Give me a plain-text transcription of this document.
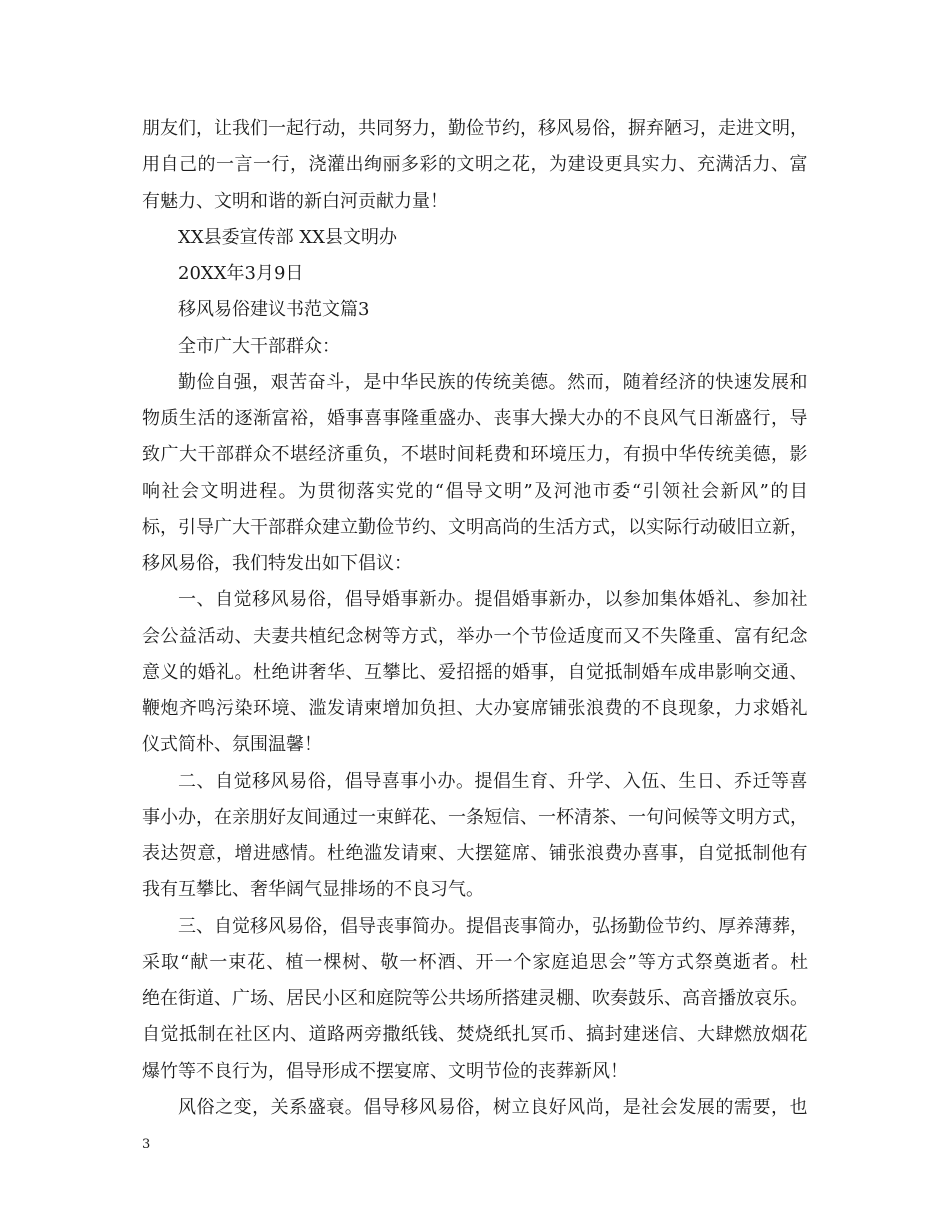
朋 友 们 ， 让 我 们 一 起 行 动 ， 共 同 努 力 ， 勤 俭 节 约 ， 移 风 易 俗 ， 摒 弃 陋 习 ， 走 进 文 明 ，
用 自 己 的 一 言 一 行 ， 浇 灌 出 绚 丽 多 彩 的 文 明 之 花 ， 为 建 设 更 具 实 力 、 充 满 活 力 、 富
有魅力、文明和谐的新白河贡献力量！
XX县委宣传部 XX县文明办
20XX年3月9日
移风易俗建议书范文篇3
全市广大干部群众：
勤 俭 自 强 ， 艰 苦 奋 斗 ， 是 中 华 民 族 的 传 统 美 德 。 然 而 ， 随 着 经 济 的 快 速 发 展 和
物 质 生 活 的 逐 渐 富 裕 ， 婚 事 喜 事 隆 重 盛 办 、 丧 事 大 操 大 办 的 不 良 风 气 日 渐 盛 行 ， 导
致 广 大 干 部 群 众 不 堪 经 济 重 负 ， 不 堪 时 间 耗 费 和 环 境 压 力 ， 有 损 中 华 传 统 美 德 ， 影
响 社 会 文 明 进 程 。 为 贯 彻 落 实 党 的 “ 倡 导 文 明 ” 及 河 池 市 委 “ 引 领 社 会 新 风 ” 的 目
标 ， 引 导 广 大 干 部 群 众 建 立 勤 俭 节 约 、 文 明 高 尚 的 生 活 方 式 ， 以 实 际 行 动 破 旧 立 新 ，
移风易俗，我们特发出如下倡议：
一 、 自 觉 移 风 易 俗 ， 倡 导 婚 事 新 办 。 提 倡 婚 事 新 办 ， 以 参 加 集 体 婚 礼 、 参 加 社
会 公 益 活 动 、 夫 妻 共 植 纪 念 树 等 方 式 ， 举 办 一 个 节 俭 适 度 而 又 不 失 隆 重 、 富 有 纪 念
意 义 的 婚 礼 。 杜 绝 讲 奢 华 、 互 攀 比 、 爱 招 摇 的 婚 事 ， 自 觉 抵 制 婚 车 成 串 影 响 交 通 、
鞭 炮 齐 鸣 污 染 环 境 、 滥 发 请 柬 增 加 负 担 、 大 办 宴 席 铺 张 浪 费 的 不 良 现 象 ， 力 求 婚 礼
仪式简朴、氛围温馨！
二 、 自 觉 移 风 易 俗 ， 倡 导 喜 事 小 办 。 提 倡 生 育 、 升 学 、 入 伍 、 生 日 、 乔 迁 等 喜
事 小 办 ， 在 亲 朋 好 友 间 通 过 一 束 鲜 花 、 一 条 短 信 、 一 杯 清 茶 、 一 句 问 候 等 文 明 方 式 ，
表 达 贺 意 ， 增 进 感 情 。 杜 绝 滥 发 请 柬 、 大 摆 筵 席 、 铺 张 浪 费 办 喜 事 ， 自 觉 抵 制 他 有
我有互攀比、奢华阔气显排场的不良习气。
三 、 自 觉 移 风 易 俗 ， 倡 导 丧 事 简 办 。 提 倡 丧 事 简 办 ， 弘 扬 勤 俭 节 约 、 厚 养 薄 葬 ，
采 取 “ 献 一 束 花 、 植 一 棵 树 、 敬 一 杯 酒 、 开 一 个 家 庭 追 思 会 ” 等 方 式 祭 奠 逝 者 。 杜
绝 在 街 道 、 广 场 、 居 民 小 区 和 庭 院 等 公 共 场 所 搭 建 灵 棚 、 吹 奏 鼓 乐 、 高 音 播 放 哀 乐 。
自 觉 抵 制 在 社 区 内 、 道 路 两 旁 撒 纸 钱 、 焚 烧 纸 扎 冥 币 、 搞 封 建 迷 信 、 大 肆 燃 放 烟 花
爆竹等不良行为，倡导形成不摆宴席、文明节俭的丧葬新风！
风 俗 之 变 ， 关 系 盛 衰 。 倡 导 移 风 易 俗 ， 树 立 良 好 风 尚 ， 是 社 会 发 展 的 需 要 ， 也
3
